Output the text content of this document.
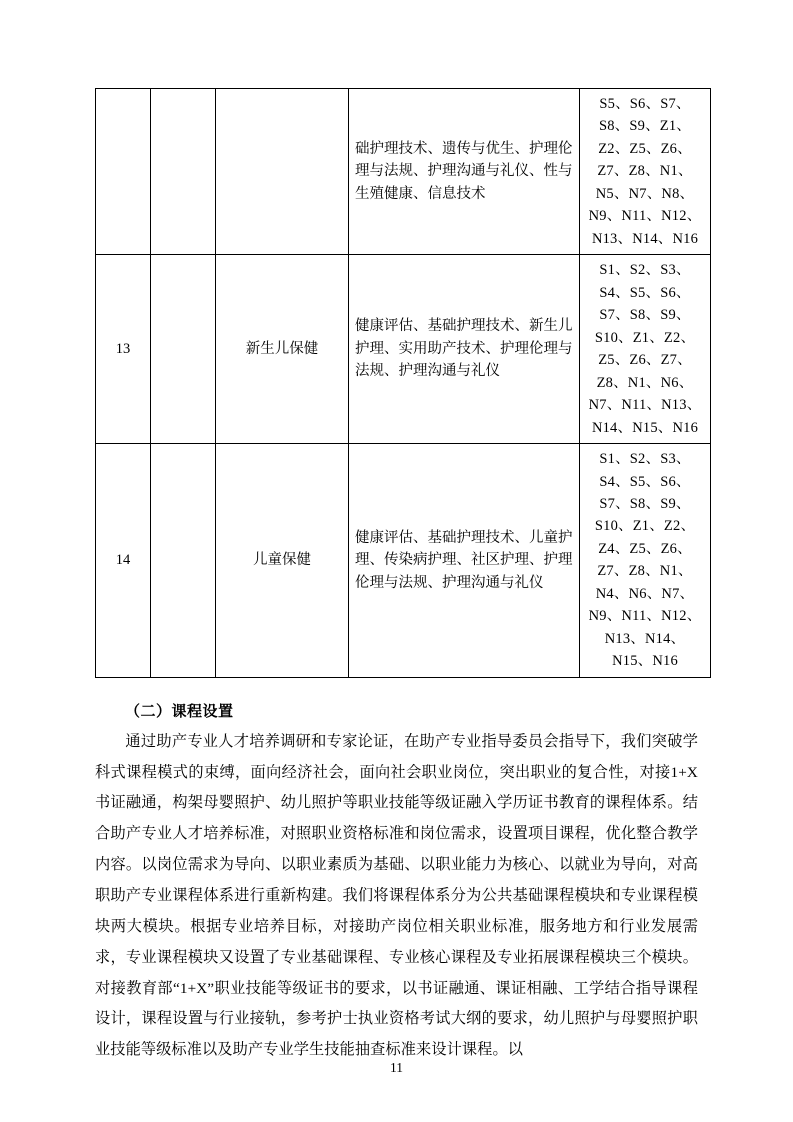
			础护理技术、遗传与优生、护理伦理与法规、护理沟通与礼仪、性与生殖健康、信息技术	S5、S6、S7、S8、S9、Z1、Z2、Z5、Z6、Z7、Z8、N1、N5、N7、N8、N9、N11、N12、N13、N14、N16
13		新生儿保健	健康评估、基础护理技术、新生儿护理、实用助产技术、护理伦理与法规、护理沟通与礼仪	S1、S2、S3、S4、S5、S6、S7、S8、S9、S10、Z1、Z2、Z5、Z6、Z7、Z8、N1、N6、N7、N11、N13、N14、N15、N16
14		儿童保健	健康评估、基础护理技术、儿童护理、传染病护理、社区护理、护理伦理与法规、护理沟通与礼仪	S1、S2、S3、S4、S5、S6、S7、S8、S9、S10、Z1、Z2、Z4、Z5、Z6、Z7、Z8、N1、N4、N6、N7、N9、N11、N12、N13、N14、N15、N16
（二）课程设置

通过助产专业人才培养调研和专家论证，在助产专业指导委员会指导下，我们突破学科式课程模式的束缚，面向经济社会，面向社会职业岗位，突出职业的复合性，对接1+X 书证融通，构架母婴照护、幼儿照护等职业技能等级证融入学历证书教育的课程体系。结合助产专业人才培养标准，对照职业资格标准和岗位需求，设置项目课程，优化整合教学内容。以岗位需求为导向、以职业素质为基础、以职业能力为核心、以就业为导向，对高职助产专业课程体系进行重新构建。我们将课程体系分为公共基础课程模块和专业课程模块两大模块。根据专业培养目标，对接助产岗位相关职业标准，服务地方和行业发展需求，专业课程模块又设置了专业基础课程、专业核心课程及专业拓展课程模块三个模块。对接教育部“1+X”职业技能等级证书的要求，以书证融通、课证相融、工学结合指导课程设计，课程设置与行业接轨，参考护士执业资格考试大纲的要求，幼儿照护与母婴照护职业技能等级标准以及助产专业学生技能抽查标准来设计课程。以

11
